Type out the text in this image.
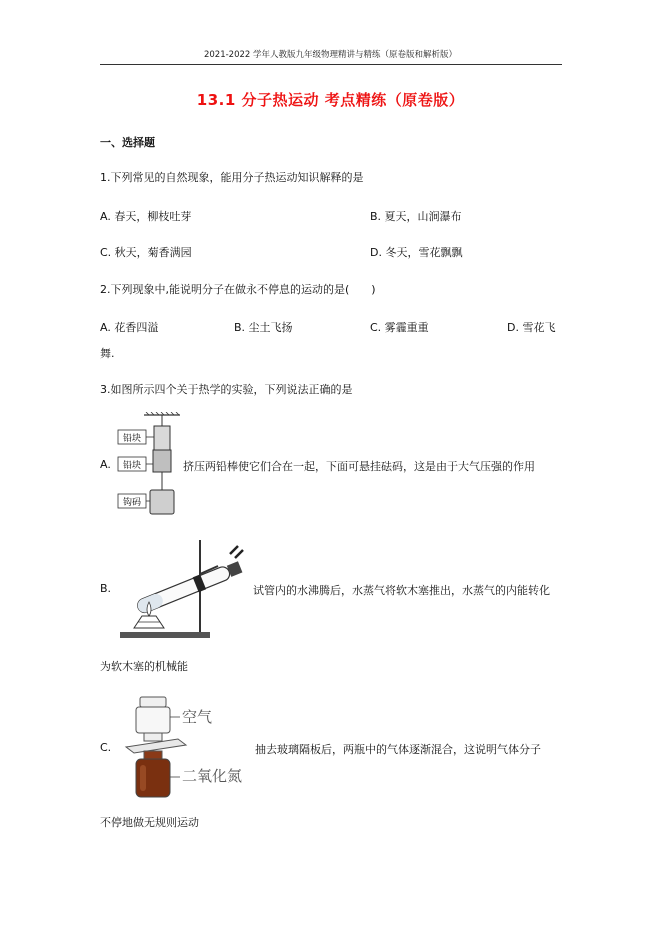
2021-2022 学年人教版九年级物理精讲与精练（原卷版和解析版）
13.1 分子热运动 考点精练（原卷版）
一、选择题
1.下列常见的自然现象，能用分子热运动知识解释的是
A. 春天，柳枝吐芽	B. 夏天，山涧瀑布
C. 秋天，菊香满园	D. 冬天，雪花飘飘
2.下列现象中,能说明分子在做永不停息的运动的是(　　)
A. 花香四溢	B. 尘土飞扬	C. 雾霾重重	D. 雪花飞
舞.
3.如图所示四个关于热学的实验，下列说法正确的是
A.
铅块
铅块
钩码
挤压两铅棒使它们合在一起，下面可悬挂砝码，这是由于大气压强的作用
B.	试管内的水沸腾后，水蒸气将软木塞推出，水蒸气的内能转化
为软木塞的机械能
C.
空气
二氧化氮
抽去玻璃隔板后，两瓶中的气体逐渐混合，这说明气体分子
不停地做无规则运动
